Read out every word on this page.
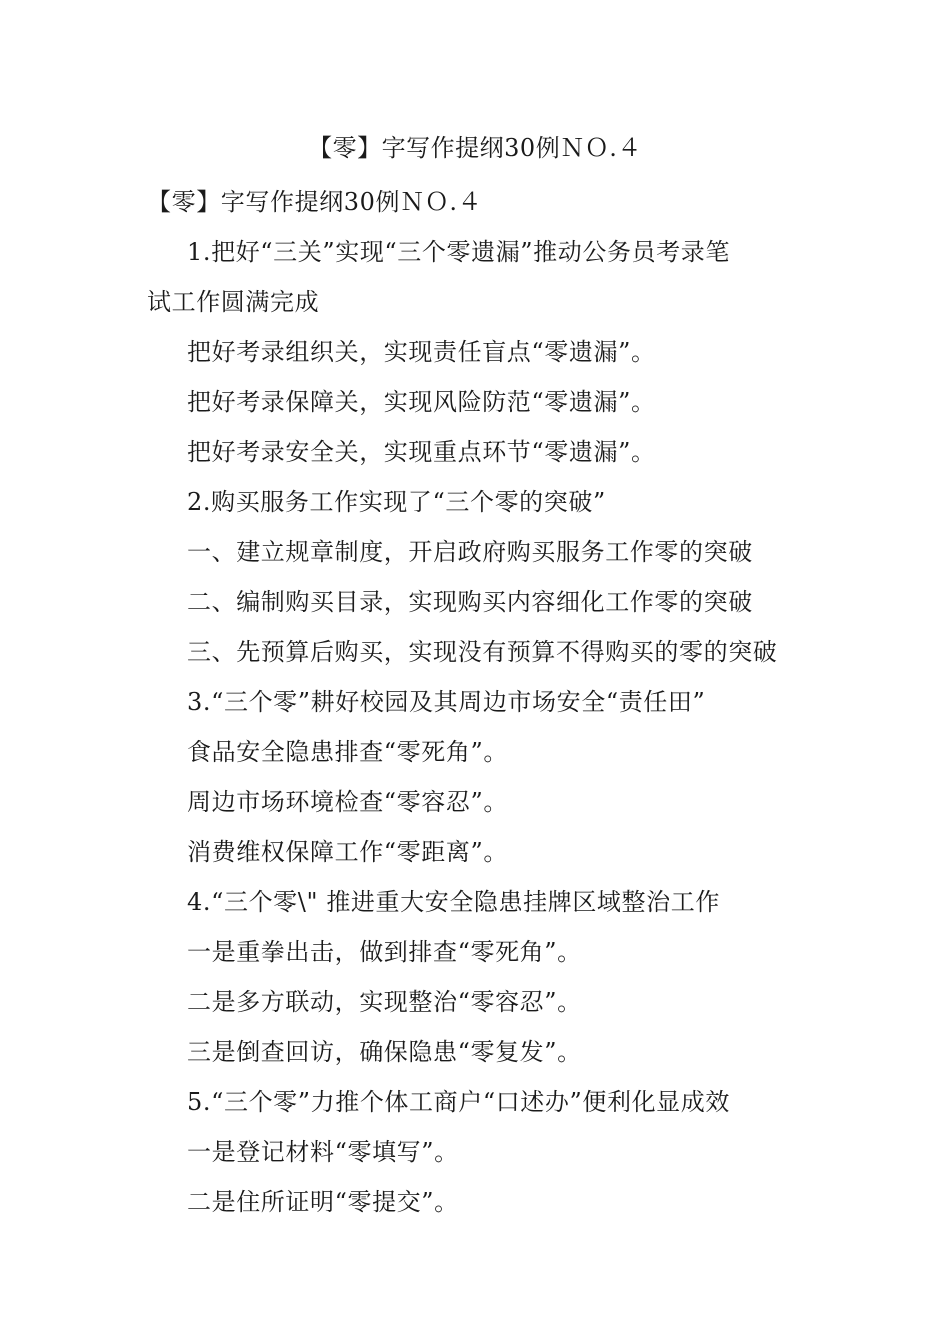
【零】字写作提纲30例ＮＯ.４
【零】字写作提纲30例ＮＯ.４
1.把好“三关”实现“三个零遗漏”推动公务员考录笔
试工作圆满完成
把好考录组织关，实现责任盲点“零遗漏”。
把好考录保障关，实现风险防范“零遗漏”。
把好考录安全关，实现重点环节“零遗漏”。
2.购买服务工作实现了“三个零的突破”
一、建立规章制度，开启政府购买服务工作零的突破
二、编制购买目录，实现购买内容细化工作零的突破
三、先预算后购买，实现没有预算不得购买的零的突破
3.“三个零”耕好校园及其周边市场安全“责任田”
食品安全隐患排查“零死角”。
周边市场环境检查“零容忍”。
消费维权保障工作“零距离”。
4.“三个零\" 推进重大安全隐患挂牌区域整治工作
一是重拳出击，做到排查“零死角”。
二是多方联动，实现整治“零容忍”。
三是倒查回访，确保隐患“零复发”。
5.“三个零”力推个体工商户“口述办”便利化显成效
一是登记材料“零填写”。
二是住所证明“零提交”。
